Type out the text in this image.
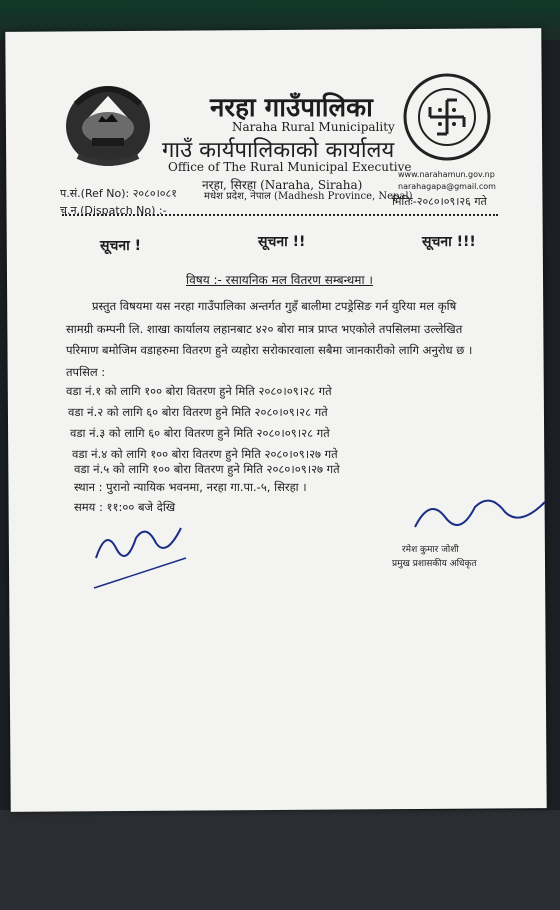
नरहा गाउँपालिका
Naraha Rural Municipality
गाउँ कार्यपालिकाको कार्यालय
Office of The Rural Municipal Executive
नरहा, सिरहा (Naraha, Siraha)
www.narahamun.gov.np
narahagapa@gmail.com
प.सं.(Ref No): २०८०।०८१	मधेश प्रदेश, नेपाल (Madhesh Province, Nepal)
मितिः-२०८०।०९।२६ गते
च.न.(Dispatch No) :-
सूचना !	सूचना !!	सूचना !!!
विषय :- रसायनिक मल वितरण सम्बन्धमा ।
प्रस्तुत विषयमा यस नरहा गाउँपालिका अन्तर्गत गुहँ बालीमा टपड्रेसिङ गर्न युरिया मल कृषि
सामग्री कम्पनी लि. शाखा कार्यालय लहानबाट ४२० बोरा मात्र प्राप्त भएकोले तपसिलमा उल्लेखित
परिमाण बमोजिम वडाहरुमा वितरण हुने व्यहोरा सरोकारवाला सबैमा जानकारीको लागि अनुरोध छ ।
तपसिल :
वडा नं.१ को लागि १०० बोरा वितरण हुने मिति २०८०।०९।२८ गते
वडा नं.२ को लागि ६० बोरा वितरण हुने मिति २०८०।०९।२८ गते
वडा नं.३ को लागि ६० बोरा वितरण हुने मिति २०८०।०९।२८ गते
वडा नं.४ को लागि १०० बोरा वितरण हुने मिति २०८०।०९।२७ गते
वडा नं.५ को लागि १०० बोरा वितरण हुने मिति २०८०।०९।२७ गते
स्थान : पुरानो न्यायिक भवनमा, नरहा गा.पा.-५, सिरहा ।
समय : ११:०० बजे देखि
रमेश कुमार जोशी
प्रमुख प्रशासकीय अधिकृत
